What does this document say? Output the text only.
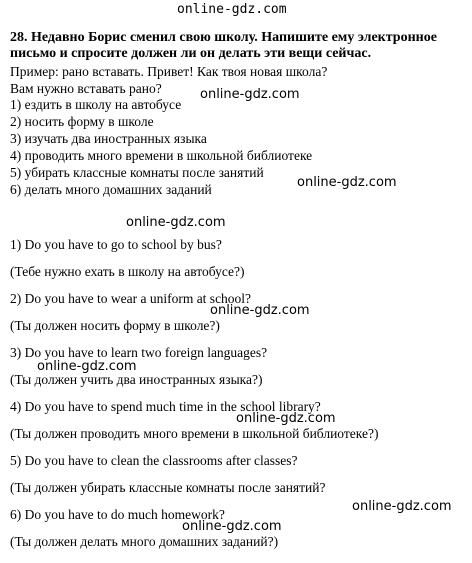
online-gdz.com
28. Недавно Борис сменил свою школу. Напишите ему электронное
письмо и спросите должен ли он делать эти вещи сейчас.
Пример: рано вставать. Привет! Как твоя новая школа?
Вам нужно вставать рано?
1) ездить в школу на автобусе
2) носить форму в школе
3) изучать два иностранных языка
4) проводить много времени в школьной библиотеке
5) убирать классные комнаты после занятий
6) делать много домашних заданий
1) Do you have to go to school by bus?
(Тебе нужно ехать в школу на автобусе?)
2) Do you have to wear a uniform at school?
(Ты должен носить форму в школе?)
3) Do you have to learn two foreign languages?
(Ты должен учить два иностранных языка?)
4) Do you have to spend much time in the school library?
(Ты должен проводить много времени в школьной библиотеке?)
5) Do you have to clean the classrooms after classes?
(Ты должен убирать классные комнаты после занятий?
6) Do you have to do much homework?
(Ты должен делать много домашних заданий?)
online-gdz.com
online-gdz.com
online-gdz.com
online-gdz.com
online-gdz.com
online-gdz.com
online-gdz.com
online-gdz.com
